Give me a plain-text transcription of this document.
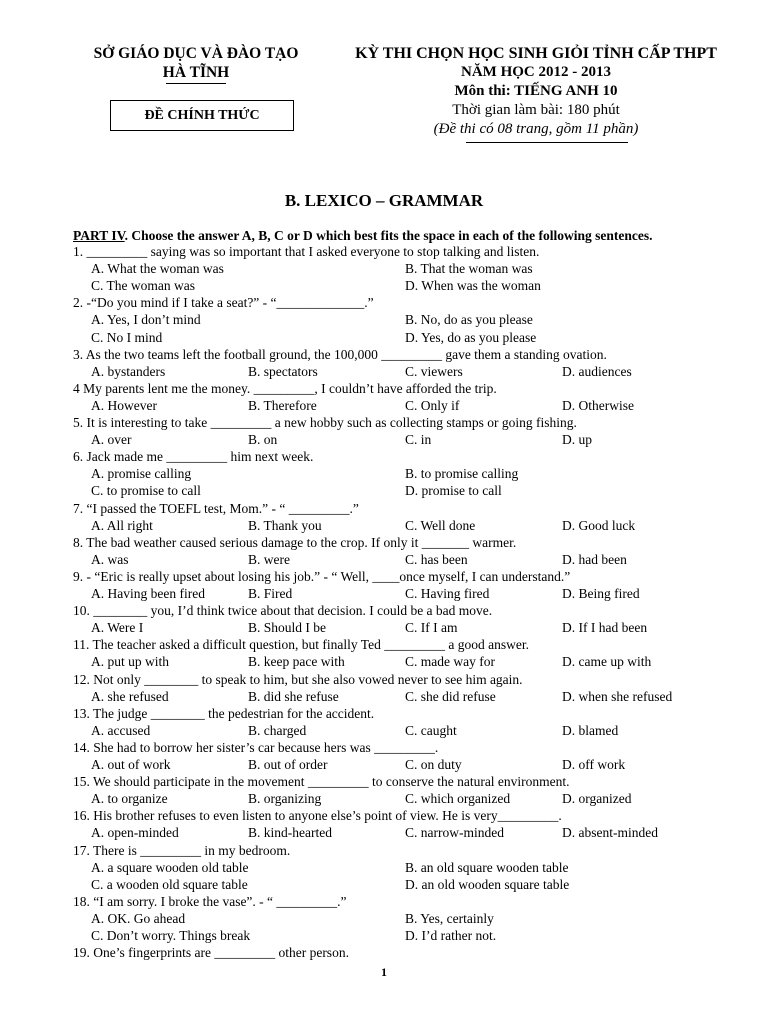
SỞ GIÁO DỤC VÀ ĐÀO TẠO
HÀ TĨNH
ĐỀ CHÍNH THỨC
KỲ THI CHỌN HỌC SINH GIỎI TỈNH CẤP THPT
NĂM HỌC 2012 - 2013
Môn thi: TIẾNG ANH 10
Thời gian làm bài: 180 phút
(Đề thi có 08 trang, gồm 11 phần)
B. LEXICO – GRAMMAR
PART IV. Choose the answer A, B, C or D which best fits the space in each of the following sentences.
1. _________ saying was so important that I asked everyone to stop talking and listen.
A. What the woman was	B. That the woman was
C. The woman was	D. When was the woman
2. -“Do you mind if I take a seat?” - “_____________.”
A. Yes, I don’t mind	B. No, do as you please
C. No I mind	D. Yes, do as you please
3. As the two teams left the football ground, the 100,000 _________ gave them a standing ovation.
A. bystanders	B. spectators	C. viewers	D. audiences
4 My parents lent me the money. _________, I couldn’t have afforded the trip.
A. However	B. Therefore	C. Only if	D. Otherwise
5. It is interesting to take _________ a new hobby such as collecting stamps or going fishing.
A. over	B. on	C. in	D. up
6. Jack made me _________ him next week.
A. promise calling	B. to promise calling
C. to promise to call	D. promise to call
7. “I passed the TOEFL test, Mom.” - “ _________.”
A. All right	B. Thank you	C. Well done	D. Good luck
8. The bad weather caused serious damage to the crop. If only it _______ warmer.
A. was	B. were	C. has been	D. had been
9. - “Eric is really upset about losing his job.” - “ Well, ____once myself, I can understand.”
A. Having been fired	B. Fired	C. Having fired	D. Being fired
10. ________ you, I’d think twice about that decision. I could be a bad move.
A. Were I	B. Should I be	C. If I am	D. If I had been
11. The teacher asked a difficult question, but finally Ted _________ a good answer.
A. put up with	B. keep pace with	C. made way for	D. came up with
12. Not only ________ to speak to him, but she also vowed never to see him again.
A. she refused	B. did she refuse	C. she did refuse	D. when she refused
13. The judge ________ the pedestrian for the accident.
A. accused	B. charged	C. caught	D. blamed
14. She had to borrow her sister’s car because hers was _________.
A. out of work	B. out of order	C. on duty	D. off work
15. We should participate in the movement _________ to conserve the natural environment.
A. to organize	B. organizing	C. which organized	D. organized
16. His brother refuses to even listen to anyone else’s point of view. He is very_________.
A. open-minded	B. kind-hearted	C. narrow-minded	D. absent-minded
17. There is _________ in my bedroom.
A. a square wooden old table	B. an old square wooden table
C. a wooden old square table	D. an old wooden square table
18. “I am sorry. I broke the vase”. - “ _________.”
A. OK. Go ahead	B. Yes, certainly
C. Don’t worry. Things break	D. I’d rather not.
19. One’s fingerprints are _________ other person.
1
